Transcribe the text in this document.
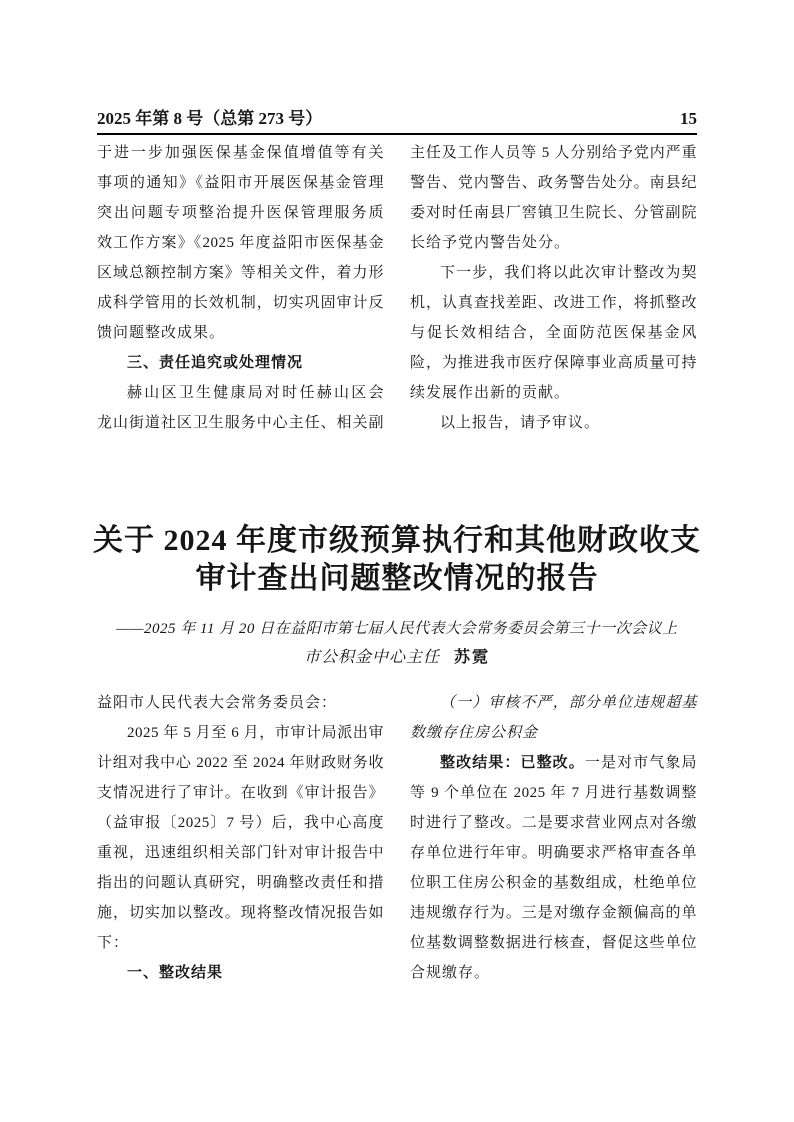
2025 年第 8 号（总第 273 号）	15
于进一步加强医保基金保值增值等有关
事项的通知》《益阳市开展医保基金管理
突出问题专项整治提升医保管理服务质
效工作方案》《2025 年度益阳市医保基金
区域总额控制方案》等相关文件，着力形
成科学管用的长效机制，切实巩固审计反
馈问题整改成果。
三、责任追究或处理情况
赫山区卫生健康局对时任赫山区会
龙山街道社区卫生服务中心主任、相关副
主任及工作人员等 5 人分别给予党内严重
警告、党内警告、政务警告处分。南县纪
委对时任南县厂窖镇卫生院长、分管副院
长给予党内警告处分。
下一步，我们将以此次审计整改为契
机，认真查找差距、改进工作，将抓整改
与促长效相结合，全面防范医保基金风
险，为推进我市医疗保障事业高质量可持
续发展作出新的贡献。
以上报告，请予审议。
关于 2024 年度市级预算执行和其他财政收支
审计查出问题整改情况的报告
——2025 年 11 月 20 日在益阳市第七届人民代表大会常务委员会第三十一次会议上
市公积金中心主任 苏霓
益阳市人民代表大会常务委员会：
2025 年 5 月至 6 月，市审计局派出审
计组对我中心 2022 至 2024 年财政财务收
支情况进行了审计。在收到《审计报告》
（益审报〔2025〕7 号）后，我中心高度
重视，迅速组织相关部门针对审计报告中
指出的问题认真研究，明确整改责任和措
施，切实加以整改。现将整改情况报告如
下：
一、整改结果
（一）审核不严，部分单位违规超基
数缴存住房公积金
整改结果：已整改。一是对市气象局
等 9 个单位在 2025 年 7 月进行基数调整
时进行了整改。二是要求营业网点对各缴
存单位进行年审。明确要求严格审查各单
位职工住房公积金的基数组成，杜绝单位
违规缴存行为。三是对缴存金额偏高的单
位基数调整数据进行核查，督促这些单位
合规缴存。
